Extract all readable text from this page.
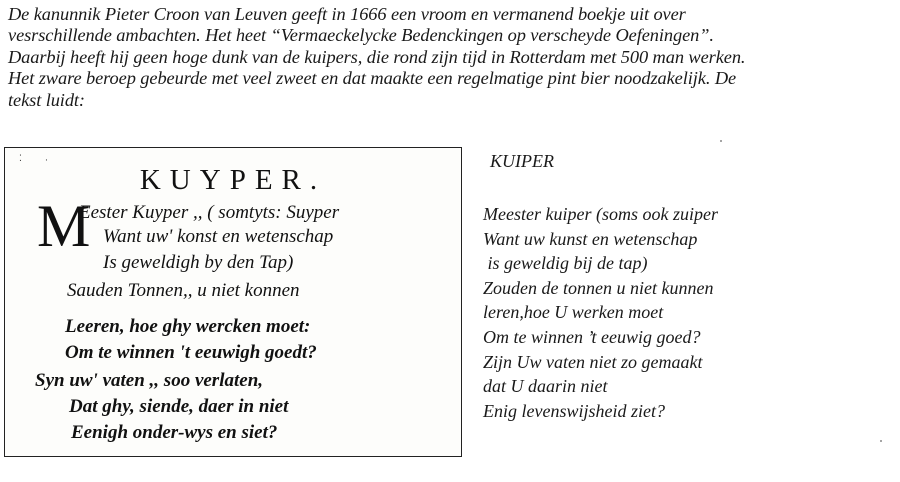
De kanunnik Pieter Croon van Leuven geeft in 1666 een vroom en vermanend boekje uit over
vesrschillende ambachten. Het heet “Vermaeckelycke Bedenckingen op verscheyde Oefeningen”.
Daarbij heeft hij geen hoge dunk van de kuipers, die rond zijn tijd in Rotterdam met 500 man werken.
Het zware beroep gebeurde met veel zweet en dat maakte een regelmatige pint bier noodzakelijk. De
tekst luidt:
⁚	·
KUYPER.
M
Eester Kuyper ,, ( somtyts: Suyper
Want uw' konst en wetenschap
Is geweldigh by den Tap)
Sauden Tonnen,, u niet konnen
Leeren, hoe ghy wercken moet:
Om te winnen 't eeuwigh goedt?
Syn uw' vaten ,, soo verlaten,
Dat ghy, siende, daer in niet
Eenigh onder-wys en siet?
KUIPER
Meester kuiper (soms ook zuiper
Want uw kunst en wetenschap
is geweldig bij de tap)
Zouden de tonnen u niet kunnen
leren,hoe U werken moet
Om te winnen ’t eeuwig goed?
Zijn Uw vaten niet zo gemaakt
dat U daarin niet
Enig levenswijsheid ziet?
